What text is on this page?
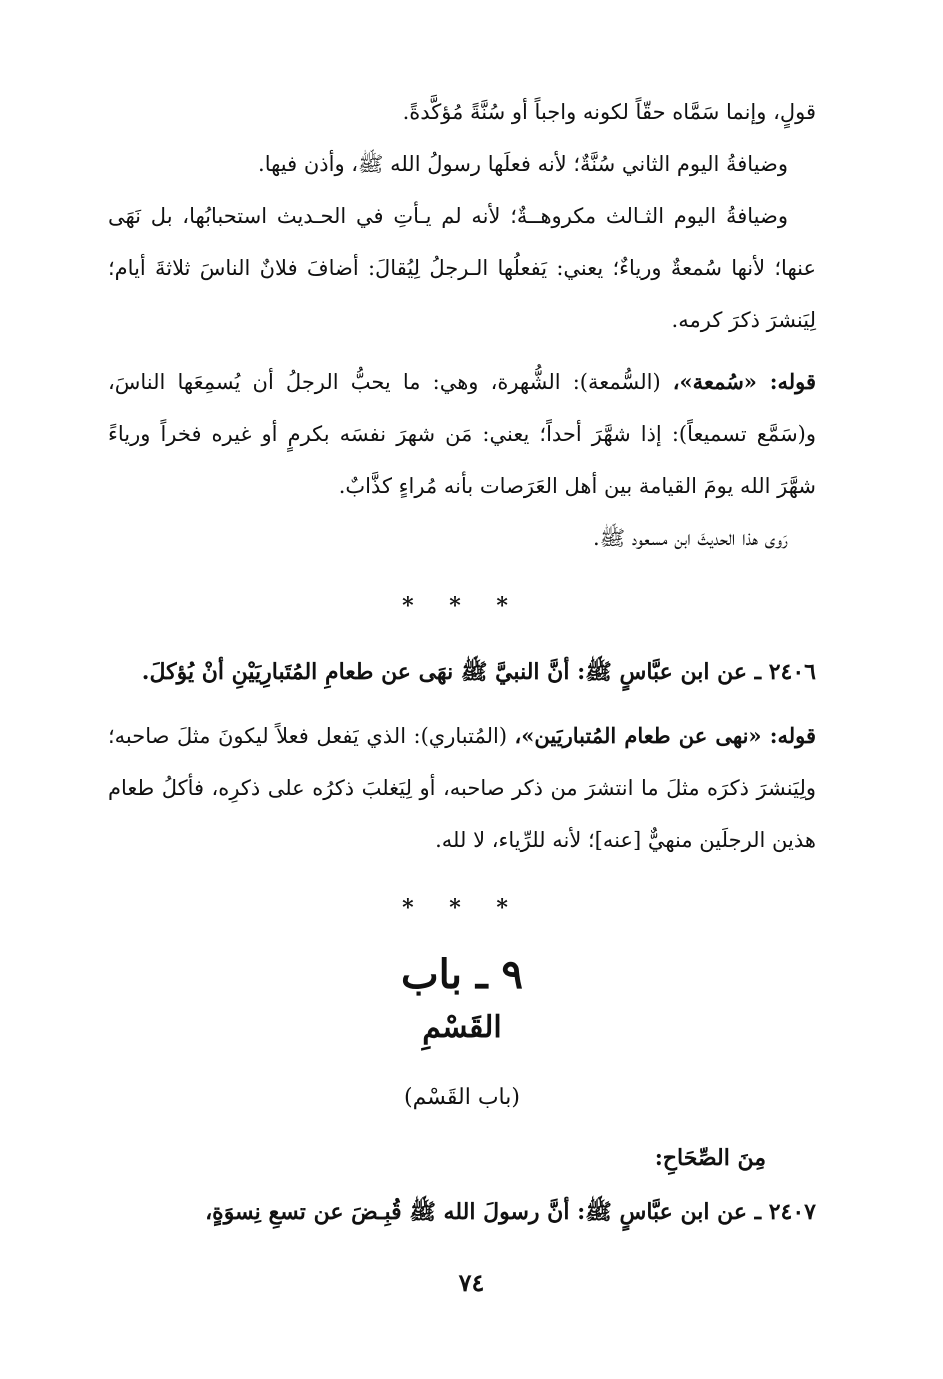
قولٍ، وإنما سَمَّاه حقّاً لكونه واجباً أو سُنَّةً مُؤكَّدةً.

وضيافةُ اليوم الثاني سُنَّةٌ؛ لأنه فعلَها رسولُ الله ﷺ، وأذن فيها.

وضيافةُ اليوم الثـالث مكروهــةٌ؛ لأنه لم يـأتِ في الحـديث استحبابُها، بل نَهَى عنها؛ لأنها سُمعةٌ ورياءٌ؛ يعني: يَفعلُها الـرجلُ لِيُقالَ: أضافَ فلانٌ الناسَ ثلاثةَ أيام؛ لِيَنشرَ ذكرَ كرمه.

قوله: «سُمعة»، (السُّمعة): الشُّهرة، وهي: ما يحبُّ الرجلُ أن يُسمِعَها الناسَ، و(سَمَّع تسميعاً): إذا شهَّرَ أحداً؛ يعني: مَن شهرَ نفسَه بكرمٍ أو غيره فخراً ورياءً شهَّرَ الله يومَ القيامة بين أهل العَرَصات بأنه مُراءٍ كذَّابٌ.

رَوى هذا الحديثَ ابن مسعود ﷺ.

* * *

٢٤٠٦ ـ عن ابن عبَّاسٍ ﷺ: أنَّ النبيَّ ﷺ نهَى عن طعامِ المُتَبارِيَيْنِ أنْ يُؤكلَ.

قوله: «نهى عن طعام المُتباريَين»، (المُتباري): الذي يَفعل فعلاً ليكونَ مثلَ صاحبه؛ ولِيَنشرَ ذكرَه مثلَ ما انتشرَ من ذكر صاحبه، أو لِيَغلبَ ذكرُه على ذكرِه، فأكلُ طعام هذين الرجلَين منهيٌّ [عنه]؛ لأنه للرِّياء، لا لله.

* * *
٩ ـ باب
القَسْمِ
(باب القَسْم)
مِنَ الصِّحَاحِ:

٢٤٠٧ ـ عن ابن عبَّاسٍ ﷺ: أنَّ رسولَ الله ﷺ قُبِـضَ عن تسعِ نِسوَةٍ،

٧٤
